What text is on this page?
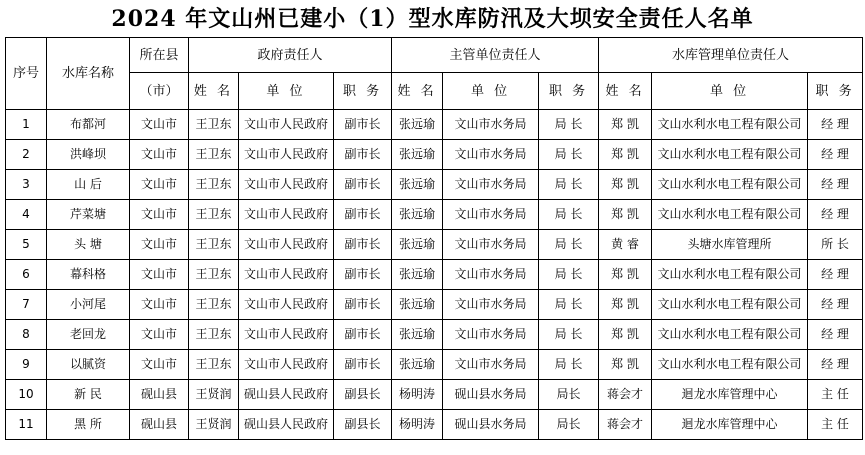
2024 年文山州已建小（1）型水库防汛及大坝安全责任人名单
序号	水库名称	所在县	政府责任人			主管单位责任人			水库管理单位责任人		
		（市）	姓 名	单 位	职 务	姓 名	单 位	职 务	姓 名	单 位	职 务
1	布都河	文山市	王卫东	文山市人民政府	副市长	张远瑜	文山市水务局	局 长	郑 凯	文山水利水电工程有限公司	经 理
2	洪峰坝	文山市	王卫东	文山市人民政府	副市长	张远瑜	文山市水务局	局 长	郑 凯	文山水利水电工程有限公司	经 理
3	山 后	文山市	王卫东	文山市人民政府	副市长	张远瑜	文山市水务局	局 长	郑 凯	文山水利水电工程有限公司	经 理
4	芹菜塘	文山市	王卫东	文山市人民政府	副市长	张远瑜	文山市水务局	局 长	郑 凯	文山水利水电工程有限公司	经 理
5	头 塘	文山市	王卫东	文山市人民政府	副市长	张远瑜	文山市水务局	局 长	黄 睿	头塘水库管理所	所 长
6	幕科格	文山市	王卫东	文山市人民政府	副市长	张远瑜	文山市水务局	局 长	郑 凯	文山水利水电工程有限公司	经 理
7	小河尾	文山市	王卫东	文山市人民政府	副市长	张远瑜	文山市水务局	局 长	郑 凯	文山水利水电工程有限公司	经 理
8	老回龙	文山市	王卫东	文山市人民政府	副市长	张远瑜	文山市水务局	局 长	郑 凯	文山水利水电工程有限公司	经 理
9	以腻资	文山市	王卫东	文山市人民政府	副市长	张远瑜	文山市水务局	局 长	郑 凯	文山水利水电工程有限公司	经 理
10	新 民	砚山县	王贤润	砚山县人民政府	副县长	杨明涛	砚山县水务局	局长	蒋会才	迴龙水库管理中心	主 任
11	黑 所	砚山县	王贤润	砚山县人民政府	副县长	杨明涛	砚山县水务局	局长	蒋会才	迴龙水库管理中心	主 任
